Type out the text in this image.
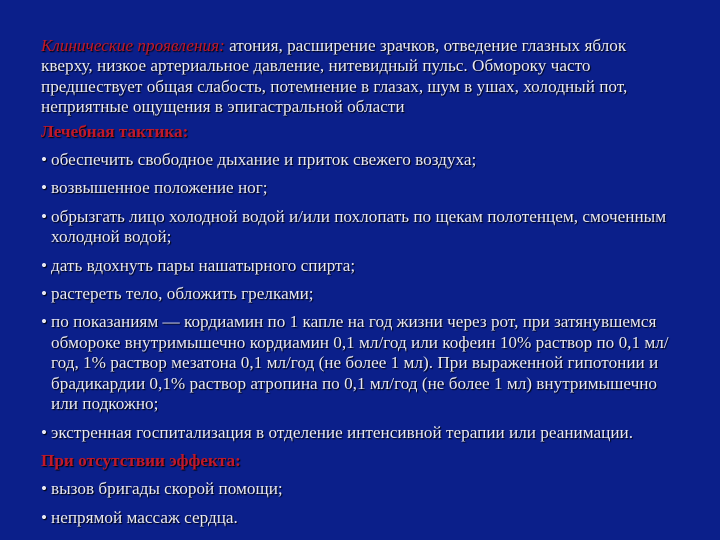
Клинические проявления: атония, расширение зрачков, отведение глазных яблок кверху, низкое артериальное давление, нитевидный пульс. Обмороку часто предшествует общая слабость, потемнение в глазах, шум в ушах, холодный пот, неприятные ощущения в эпигастральной области

Лечебная тактика:
• обеспечить свободное дыхание и приток свежего воздуха;
• возвышенное положение ног;
• обрызгать лицо холодной водой и/или похлопать по щекам полотенцем, смоченным холодной водой;
• дать вдохнуть пары нашатырного спирта;
• растереть тело, обложить грелками;
• по показаниям — кордиамин по 1 капле на год жизни через рот, при затянувшемся обмороке внутримышечно кордиамин 0,1 мл/год или кофеин 10% раствор по 0,1 мл/год, 1% раствор мезатона 0,1 мл/год (не более 1 мл). При выраженной гипотонии и брадикардии 0,1% раствор атропина по 0,1 мл/год (не более 1 мл) внутримышечно или подкожно;
• экстренная госпитализация в отделение интенсивной терапии или реанимации.
При отсутствии эффекта:
• вызов бригады скорой помощи;
• непрямой массаж сердца.
